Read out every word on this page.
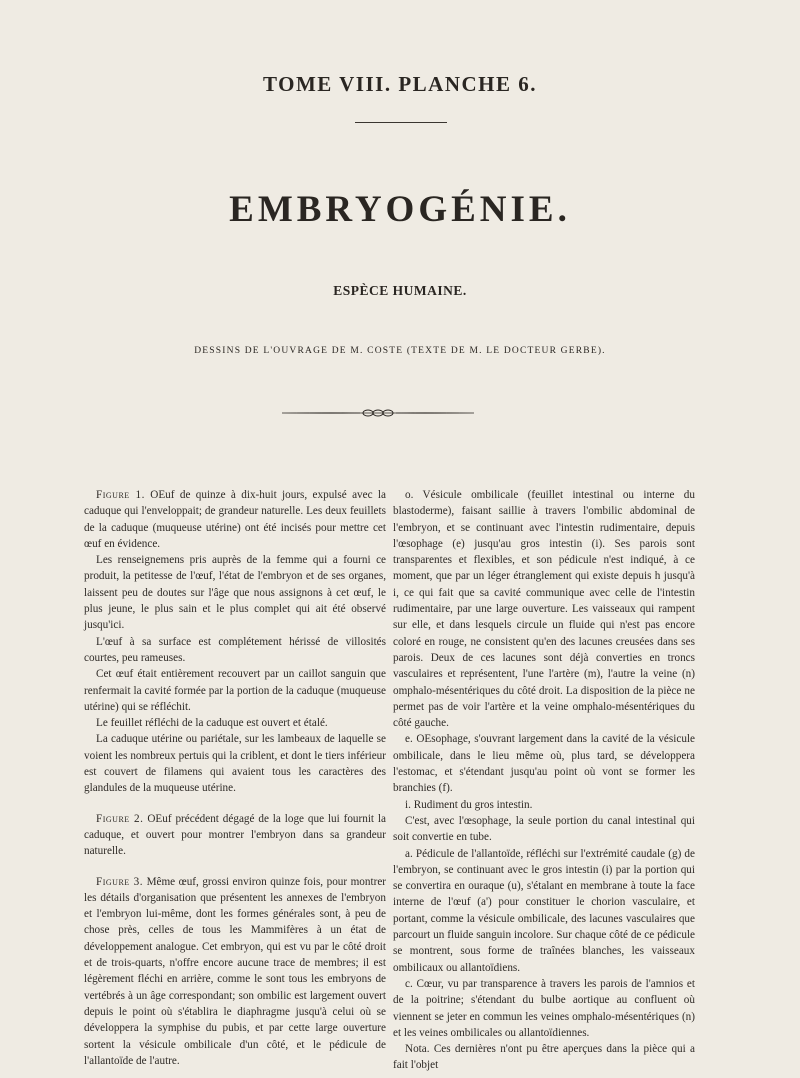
TOME VIII. PLANCHE 6.
EMBRYOGÉNIE.
ESPÈCE HUMAINE.
DESSINS DE L'OUVRAGE DE M. COSTE (TEXTE DE M. LE DOCTEUR GERBE).

Figure 1. OEuf de quinze à dix-huit jours, expulsé avec la caduque qui l'enveloppait; de grandeur naturelle. Les deux feuillets de la caduque (muqueuse utérine) ont été incisés pour mettre cet œuf en évidence.

Les renseignemens pris auprès de la femme qui a fourni ce produit, la petitesse de l'œuf, l'état de l'embryon et de ses organes, laissent peu de doutes sur l'âge que nous assignons à cet œuf, le plus jeune, le plus sain et le plus complet qui ait été observé jusqu'ici.

L'œuf à sa surface est complétement hérissé de villosités courtes, peu rameuses.

Cet œuf était entièrement recouvert par un caillot sanguin que renfermait la cavité formée par la portion de la caduque (muqueuse utérine) qui se réfléchit.

Le feuillet réfléchi de la caduque est ouvert et étalé.

La caduque utérine ou pariétale, sur les lambeaux de laquelle se voient les nombreux pertuis qui la criblent, et dont le tiers inférieur est couvert de filamens qui avaient tous les caractères des glandules de la muqueuse utérine.

Figure 2. OEuf précédent dégagé de la loge que lui fournit la caduque, et ouvert pour montrer l'embryon dans sa grandeur naturelle.

Figure 3. Même œuf, grossi environ quinze fois, pour montrer les détails d'organisation que présentent les annexes de l'embryon et l'embryon lui-même, dont les formes générales sont, à peu de chose près, celles de tous les Mammifères à un état de développement analogue. Cet embryon, qui est vu par le côté droit et de trois-quarts, n'offre encore aucune trace de membres; il est légèrement fléchi en arrière, comme le sont tous les embryons de vertébrés à un âge correspondant; son ombilic est largement ouvert depuis le point où s'établira le diaphragme jusqu'à celui où se développera la symphise du pubis, et par cette large ouverture sortent la vésicule ombilicale d'un côté, et le pédicule de l'allantoïde de l'autre.

o. Vésicule ombilicale (feuillet intestinal ou interne du blastoderme), faisant saillie à travers l'ombilic abdominal de l'embryon, et se continuant avec l'intestin rudimentaire, depuis l'œsophage (e) jusqu'au gros intestin (i). Ses parois sont transparentes et flexibles, et son pédicule n'est indiqué, à ce moment, que par un léger étranglement qui existe depuis h jusqu'à i, ce qui fait que sa cavité communique avec celle de l'intestin rudimentaire, par une large ouverture. Les vaisseaux qui rampent sur elle, et dans lesquels circule un fluide qui n'est pas encore coloré en rouge, ne consistent qu'en des lacunes creusées dans ses parois. Deux de ces lacunes sont déjà converties en troncs vasculaires et représentent, l'une l'artère (m), l'autre la veine (n) omphalo-mésentériques du côté droit. La disposition de la pièce ne permet pas de voir l'artère et la veine omphalo-mésentériques du côté gauche.

e. OEsophage, s'ouvrant largement dans la cavité de la vésicule ombilicale, dans le lieu même où, plus tard, se développera l'estomac, et s'étendant jusqu'au point où vont se former les branchies (f).

i. Rudiment du gros intestin.

C'est, avec l'œsophage, la seule portion du canal intestinal qui soit convertie en tube.

a. Pédicule de l'allantoïde, réfléchi sur l'extrémité caudale (g) de l'embryon, se continuant avec le gros intestin (i) par la portion qui se convertira en ouraque (u), s'étalant en membrane à toute la face interne de l'œuf (a') pour constituer le chorion vasculaire, et portant, comme la vésicule ombilicale, des lacunes vasculaires que parcourt un fluide sanguin incolore. Sur chaque côté de ce pédicule se montrent, sous forme de traînées blanches, les vaisseaux ombilicaux ou allantoïdiens.

c. Cœur, vu par transparence à travers les parois de l'amnios et de la poitrine; s'étendant du bulbe aortique au confluent où viennent se jeter en commun les veines omphalo-mésentériques (n) et les veines ombilicales ou allantoïdiennes.

Nota. Ces dernières n'ont pu être aperçues dans la pièce qui a fait l'objet
